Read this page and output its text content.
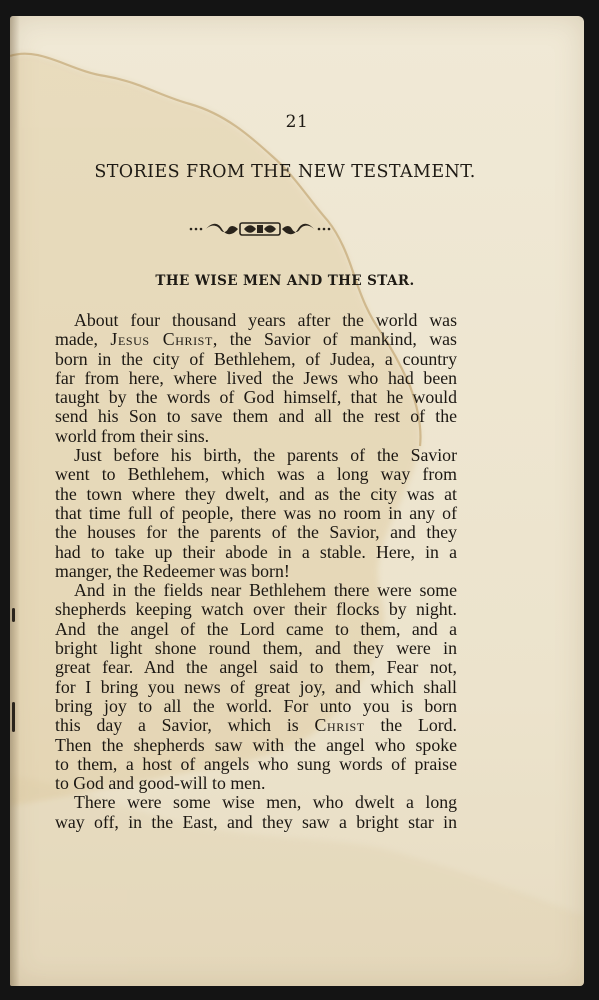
21
STORIES FROM THE NEW TESTAMENT.
THE WISE MEN AND THE STAR.
About four thousand years after the world was
made, Jesus Christ, the Savior of mankind, was
born in the city of Bethlehem, of Judea, a country
far from here, where lived the Jews who had been
taught by the words of God himself, that he would
send his Son to save them and all the rest of the
world from their sins.
Just before his birth, the parents of the Savior
went to Bethlehem, which was a long way from
the town where they dwelt, and as the city was at
that time full of people, there was no room in any of
the houses for the parents of the Savior, and they
had to take up their abode in a stable. Here, in a
manger, the Redeemer was born!
And in the fields near Bethlehem there were some
shepherds keeping watch over their flocks by night.
And the angel of the Lord came to them, and a
bright light shone round them, and they were in
great fear. And the angel said to them, Fear not,
for I bring you news of great joy, and which shall
bring joy to all the world. For unto you is born
this day a Savior, which is Christ the Lord.
Then the shepherds saw with the angel who spoke
to them, a host of angels who sung words of praise
to God and good-will to men.
There were some wise men, who dwelt a long
way off, in the East, and they saw a bright star in
